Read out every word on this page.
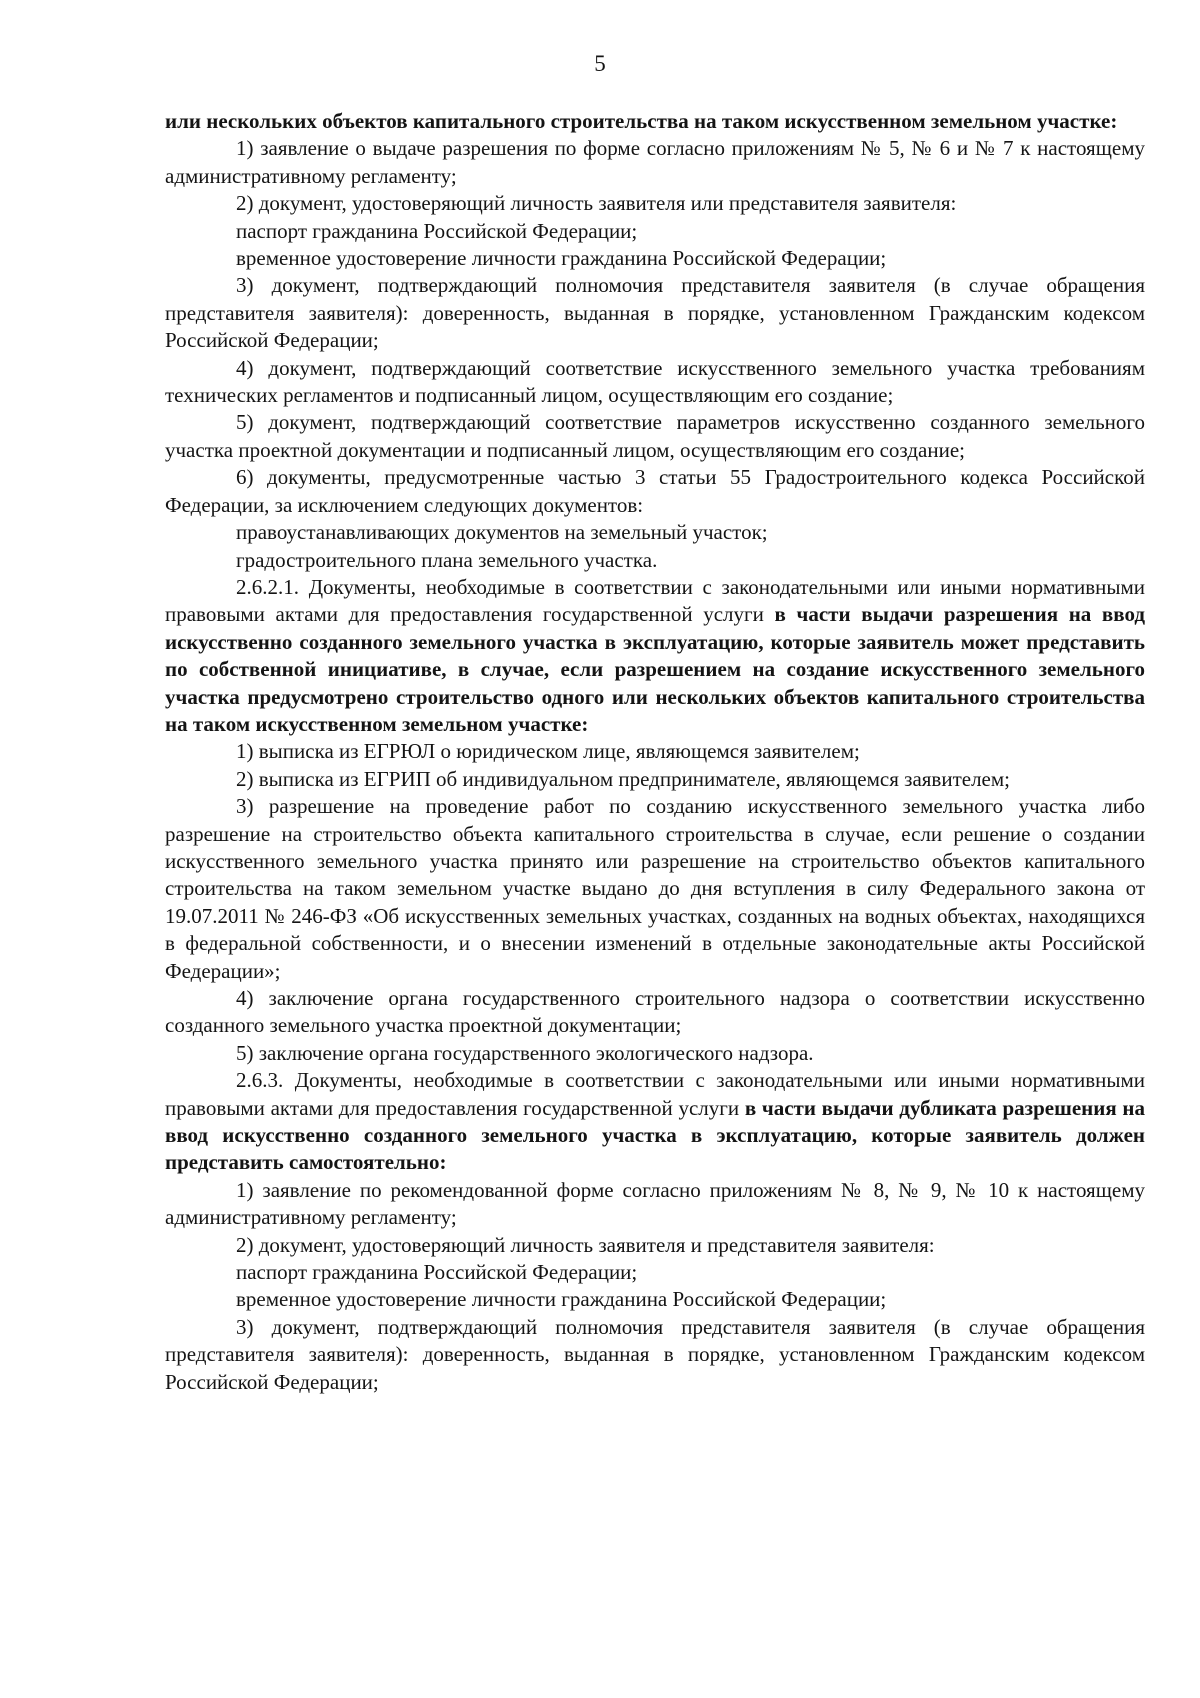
5

или нескольких объектов капитального строительства на таком искусственном земельном участке:

1) заявление о выдаче разрешения по форме согласно приложениям № 5, № 6 и № 7 к настоящему административному регламенту;

2) документ, удостоверяющий личность заявителя или представителя заявителя:

паспорт гражданина Российской Федерации;

временное удостоверение личности гражданина Российской Федерации;

3) документ, подтверждающий полномочия представителя заявителя (в случае обращения представителя заявителя): доверенность, выданная в порядке, установленном Гражданским кодексом Российской Федерации;

4) документ, подтверждающий соответствие искусственного земельного участка требованиям технических регламентов и подписанный лицом, осуществляющим его создание;

5) документ, подтверждающий соответствие параметров искусственно созданного земельного участка проектной документации и подписанный лицом, осуществляющим его создание;

6) документы, предусмотренные частью 3 статьи 55 Градостроительного кодекса Российской Федерации, за исключением следующих документов:

правоустанавливающих документов на земельный участок;

градостроительного плана земельного участка.

2.6.2.1. Документы, необходимые в соответствии с законодательными или иными нормативными правовыми актами для предоставления государственной услуги в части выдачи разрешения на ввод искусственно созданного земельного участка в эксплуатацию, которые заявитель может представить по собственной инициативе, в случае, если разрешением на создание искусственного земельного участка предусмотрено строительство одного или нескольких объектов капитального строительства на таком искусственном земельном участке:

1) выписка из ЕГРЮЛ о юридическом лице, являющемся заявителем;

2) выписка из ЕГРИП об индивидуальном предпринимателе, являющемся заявителем;

3) разрешение на проведение работ по созданию искусственного земельного участка либо разрешение на строительство объекта капитального строительства в случае, если решение о создании искусственного земельного участка принято или разрешение на строительство объектов капитального строительства на таком земельном участке выдано до дня вступления в силу Федерального закона от 19.07.2011 № 246-ФЗ «Об искусственных земельных участках, созданных на водных объектах, находящихся в федеральной собственности, и о внесении изменений в отдельные законодательные акты Российской Федерации»;

4) заключение органа государственного строительного надзора о соответствии искусственно созданного земельного участка проектной документации;

5) заключение органа государственного экологического надзора.

2.6.3. Документы, необходимые в соответствии с законодательными или иными нормативными правовыми актами для предоставления государственной услуги в части выдачи дубликата разрешения на ввод искусственно созданного земельного участка в эксплуатацию, которые заявитель должен представить самостоятельно:

1) заявление по рекомендованной форме согласно приложениям № 8, № 9, № 10 к настоящему административному регламенту;

2) документ, удостоверяющий личность заявителя и представителя заявителя:

паспорт гражданина Российской Федерации;

временное удостоверение личности гражданина Российской Федерации;

3) документ, подтверждающий полномочия представителя заявителя (в случае обращения представителя заявителя): доверенность, выданная в порядке, установленном Гражданским кодексом Российской Федерации;
